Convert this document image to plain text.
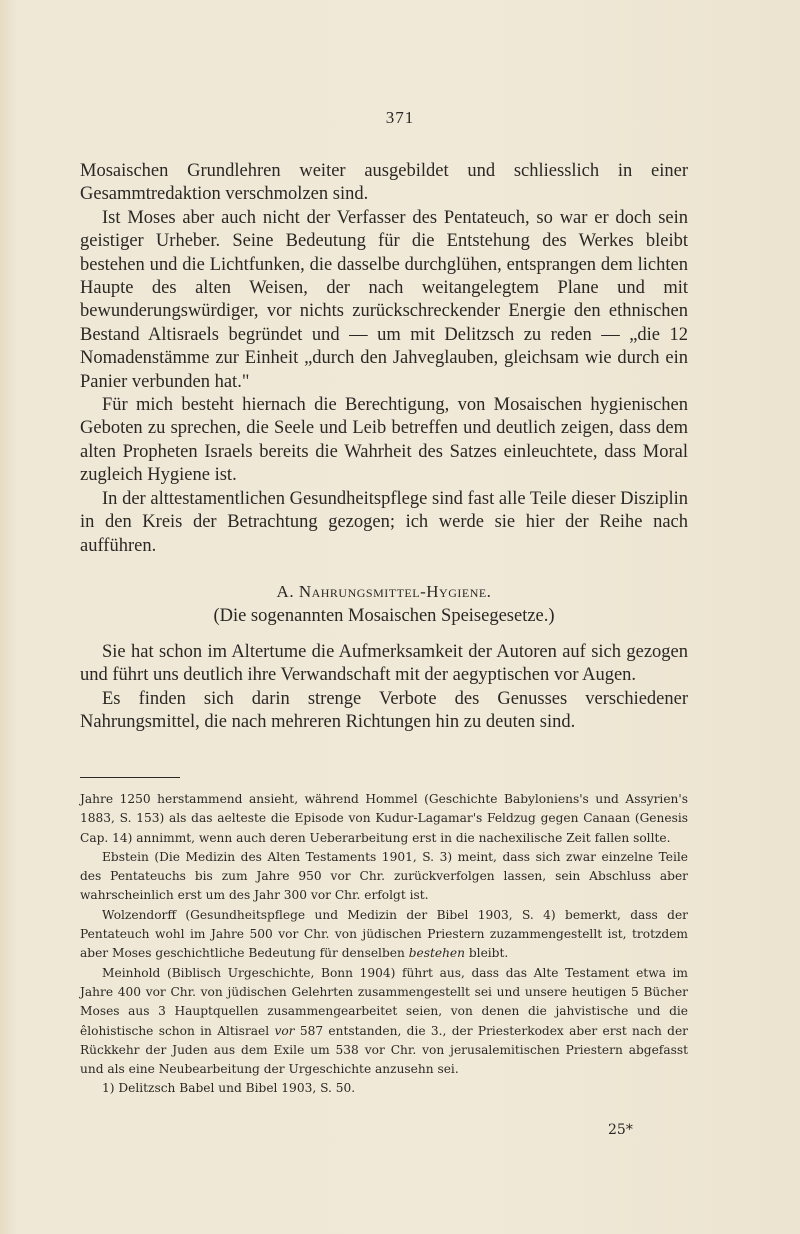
371

Mosaischen Grundlehren weiter ausgebildet und schliesslich in einer Gesammtredaktion verschmolzen sind.

Ist Moses aber auch nicht der Verfasser des Pentateuch, so war er doch sein geistiger Urheber. Seine Bedeutung für die Entstehung des Werkes bleibt bestehen und die Lichtfunken, die dasselbe durchglühen, entsprangen dem lichten Haupte des alten Weisen, der nach weitangelegtem Plane und mit bewunderungswürdiger, vor nichts zurückschreckender Energie den ethnischen Bestand Altisraels begründet und — um mit Delitzsch zu reden — „die 12 Nomadenstämme zur Einheit „durch den Jahveglauben, gleichsam wie durch ein Panier verbunden hat."

Für mich besteht hiernach die Berechtigung, von Mosaischen hygienischen Geboten zu sprechen, die Seele und Leib betreffen und deutlich zeigen, dass dem alten Propheten Israels bereits die Wahrheit des Satzes einleuchtete, dass Moral zugleich Hygiene ist.

In der alttestamentlichen Gesundheitspflege sind fast alle Teile dieser Disziplin in den Kreis der Betrachtung gezogen; ich werde sie hier der Reihe nach aufführen.

A. Nahrungsmittel-Hygiene.
(Die sogenannten Mosaischen Speisegesetze.)

Sie hat schon im Altertume die Aufmerksamkeit der Autoren auf sich gezogen und führt uns deutlich ihre Verwandschaft mit der aegyptischen vor Augen.

Es finden sich darin strenge Verbote des Genusses verschiedener Nahrungsmittel, die nach mehreren Richtungen hin zu deuten sind.

Jahre 1250 herstammend ansieht, während Hommel (Geschichte Babyloniens's und Assyrien's 1883, S. 153) als das aelteste die Episode von Kudur-Lagamar's Feldzug gegen Canaan (Genesis Cap. 14) annimmt, wenn auch deren Ueberarbeitung erst in die nachexilische Zeit fallen sollte.

Ebstein (Die Medizin des Alten Testaments 1901, S. 3) meint, dass sich zwar einzelne Teile des Pentateuchs bis zum Jahre 950 vor Chr. zurückverfolgen lassen, sein Abschluss aber wahrscheinlich erst um des Jahr 300 vor Chr. erfolgt ist.

Wolzendorff (Gesundheitspflege und Medizin der Bibel 1903, S. 4) bemerkt, dass der Pentateuch wohl im Jahre 500 vor Chr. von jüdischen Priestern zuzammengestellt ist, trotzdem aber Moses geschichtliche Bedeutung für denselben bestehen bleibt.

Meinhold (Biblisch Urgeschichte, Bonn 1904) führt aus, dass das Alte Testament etwa im Jahre 400 vor Chr. von jüdischen Gelehrten zusammengestellt sei und unsere heutigen 5 Bücher Moses aus 3 Hauptquellen zusammengearbeitet seien, von denen die jahvistische und die êlohistische schon in Altisrael vor 587 entstanden, die 3., der Priesterkodex aber erst nach der Rückkehr der Juden aus dem Exile um 538 vor Chr. von jerusalemitischen Priestern abgefasst und als eine Neubearbeitung der Urgeschichte anzusehn sei.

1) Delitzsch Babel und Bibel 1903, S. 50.

25*
